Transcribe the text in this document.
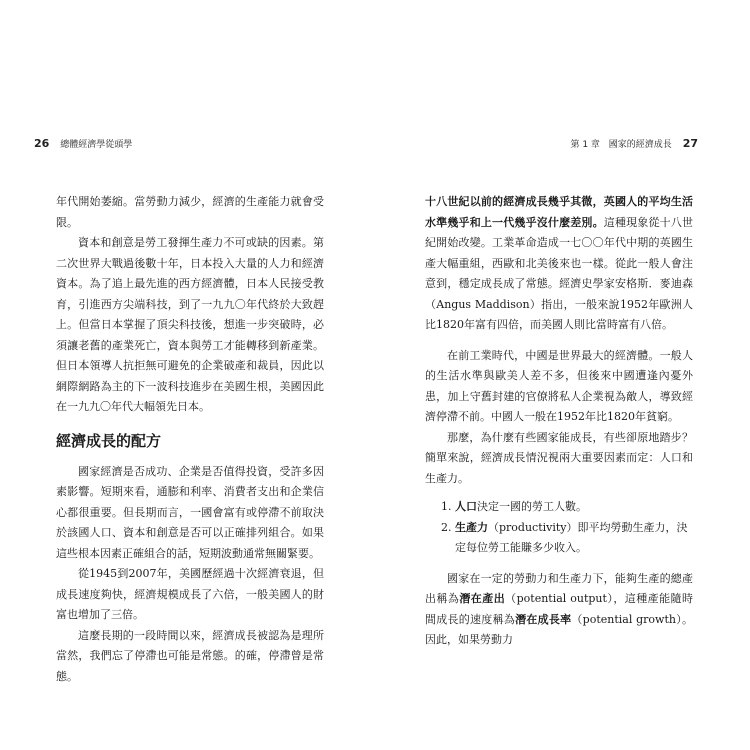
26 總體經濟學從頭學	第 1 章 國家的經濟成長 27

年代開始萎縮。當勞動力減少，經濟的生產能力就會受限。

資本和創意是勞工發揮生產力不可或缺的因素。第二次世界大戰過後數十年，日本投入大量的人力和經濟資本。為了追上最先進的西方經濟體，日本人民接受教育，引進西方尖端科技，到了一九九〇年代終於大致趕上。但當日本掌握了頂尖科技後，想進一步突破時，必須讓老舊的產業死亡，資本與勞工才能轉移到新產業。但日本領導人抗拒無可避免的企業破產和裁員，因此以網際網路為主的下一波科技進步在美國生根，美國因此在一九九〇年代大幅領先日本。

經濟成長的配方

國家經濟是否成功、企業是否值得投資，受許多因素影響。短期來看，通膨和利率、消費者支出和企業信心都很重要。但長期而言，一國會富有或停滯不前取決於該國人口、資本和創意是否可以正確排列組合。如果這些根本因素正確組合的話，短期波動通常無關緊要。

從1945到2007年，美國歷經過十次經濟衰退，但成長速度夠快，經濟規模成長了六倍，一般美國人的財富也增加了三倍。

這麼長期的一段時間以來，經濟成長被認為是理所當然，我們忘了停滯也可能是常態。的確，停滯曾是常態。

十八世紀以前的經濟成長幾乎其微，英國人的平均生活水準幾乎和上一代幾乎沒什麼差別。這種現象從十八世紀開始改變。工業革命造成一七〇〇年代中期的英國生產大幅重組，西歐和北美後來也一樣。從此一般人會注意到，穩定成長成了常態。經濟史學家安格斯．麥迪森（Angus Maddison）指出，一般來說1952年歐洲人比1820年富有四倍，而美國人則比當時富有八倍。

在前工業時代，中國是世界最大的經濟體。一般人的生活水準與歐美人差不多，但後來中國遭逢內憂外患，加上守舊封建的官僚將私人企業視為敵人，導致經濟停滯不前。中國人一般在1952年比1820年貧窮。

那麼，為什麼有些國家能成長，有些卻原地踏步？簡單來說，經濟成長情況視兩大重要因素而定：人口和生產力。

1. 人口決定一國的勞工人數。
2. 生產力（productivity）即平均勞動生產力，決定每位勞工能賺多少收入。

國家在一定的勞動力和生產力下，能夠生產的總產出稱為潛在產出（potential output），這種產能隨時間成長的速度稱為潛在成長率（potential growth）。因此，如果勞動力
